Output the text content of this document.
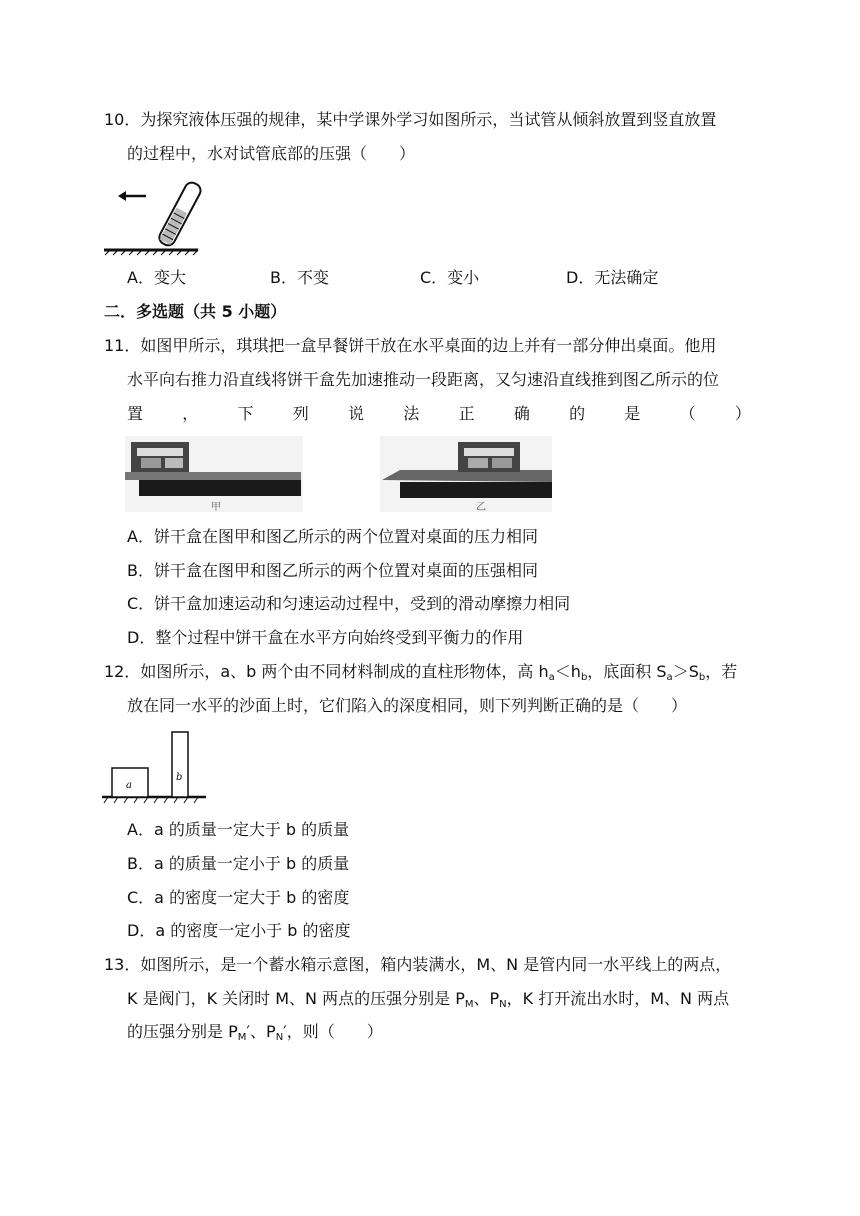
10．为探究液体压强的规律，某中学课外学习如图所示，当试管从倾斜放置到竖直放置
的过程中，水对试管底部的压强（　　）
A．变大	B．不变	C．变小	D．无法确定
二．多选题（共 5 小题）
11．如图甲所示，琪琪把一盒早餐饼干放在水平桌面的边上并有一部分伸出桌面。他用
水平向右推力沿直线将饼干盒先加速推动一段距离，又匀速沿直线推到图乙所示的位
置 ， 下 列 说 法 正 确 的 是 （ ）
甲	乙
A．饼干盒在图甲和图乙所示的两个位置对桌面的压力相同
B．饼干盒在图甲和图乙所示的两个位置对桌面的压强相同
C．饼干盒加速运动和匀速运动过程中，受到的滑动摩擦力相同
D．整个过程中饼干盒在水平方向始终受到平衡力的作用
12．如图所示，a、b 两个由不同材料制成的直柱形物体，高 $h_a<h_b$，底面积 $S_a>S_b$，若
放在同一水平的沙面上时，它们陷入的深度相同，则下列判断正确的是（　　）
a
b
A．a 的质量一定大于 b 的质量
B．a 的质量一定小于 b 的质量
C．a 的密度一定大于 b 的密度
D．a 的密度一定小于 b 的密度
13．如图所示，是一个蓄水箱示意图，箱内装满水，M、N 是管内同一水平线上的两点，
K 是阀门，K 关闭时 M、N 两点的压强分别是 $P_M$、$P_N$，K 打开流出水时，M、N 两点
的压强分别是 $P_M'$、$P_N'$，则（　　）
